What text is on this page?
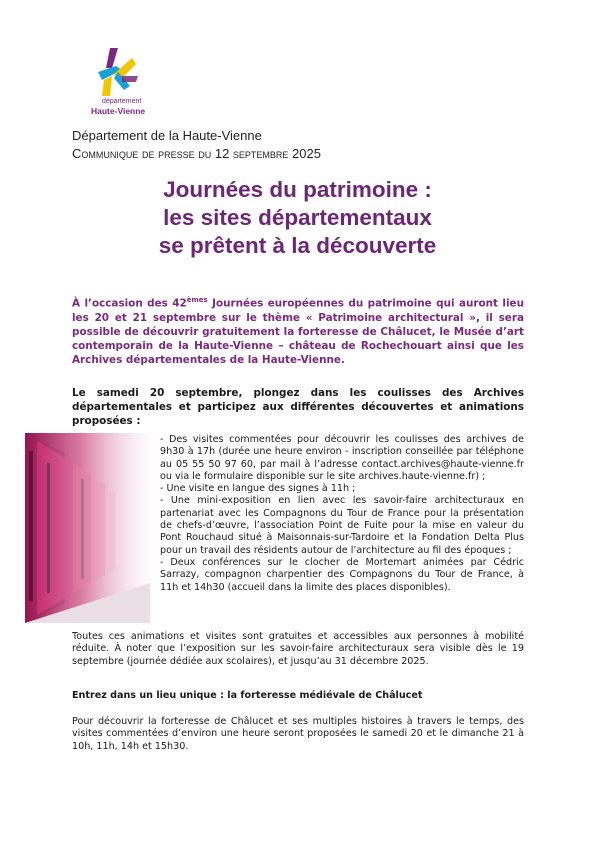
département
Haute-Vienne
Département de la Haute-Vienne
Communique de presse du 12 septembre 2025
Journées du patrimoine :
les sites départementaux
se prêtent à la découverte

À l’occasion des 42èmes Journées européennes du patrimoine qui auront lieu les 20 et 21 septembre sur le thème « Patrimoine architectural », il sera possible de découvrir gratuitement la forteresse de Châlucet, le Musée d’art contemporain de la Haute-Vienne – château de Rochechouart ainsi que les Archives départementales de la Haute-Vienne.

Le samedi 20 septembre, plongez dans les coulisses des Archives départementales et participez aux différentes découvertes et animations proposées :

- Des visites commentées pour découvrir les coulisses des archives de 9h30 à 17h (durée une heure environ - inscription conseillée par téléphone au 05 55 50 97 60, par mail à l’adresse contact.archives@haute-vienne.fr ou via le formulaire disponible sur le site archives.haute-vienne.fr) ;

- Une visite en langue des signes à 11h ;

- Une mini-exposition en lien avec les savoir-faire architecturaux en partenariat avec les Compagnons du Tour de France pour la présentation de chefs-d’œuvre, l’association Point de Fuite pour la mise en valeur du Pont Rouchaud situé à Maisonnais-sur-Tardoire et la Fondation Delta Plus pour un travail des résidents autour de l’architecture au fil des époques ;

- Deux conférences sur le clocher de Mortemart animées par Cédric Sarrazy, compagnon charpentier des Compagnons du Tour de France, à 11h et 14h30 (accueil dans la limite des places disponibles).

Toutes ces animations et visites sont gratuites et accessibles aux personnes à mobilité réduite. À noter que l’exposition sur les savoir-faire architecturaux sera visible dès le 19 septembre (journée dédiée aux scolaires), et jusqu’au 31 décembre 2025.

Entrez dans un lieu unique : la forteresse médiévale de Châlucet

Pour découvrir la forteresse de Châlucet et ses multiples histoires à travers le temps, des visites commentées d’environ une heure seront proposées le samedi 20 et le dimanche 21 à 10h, 11h, 14h et 15h30.
